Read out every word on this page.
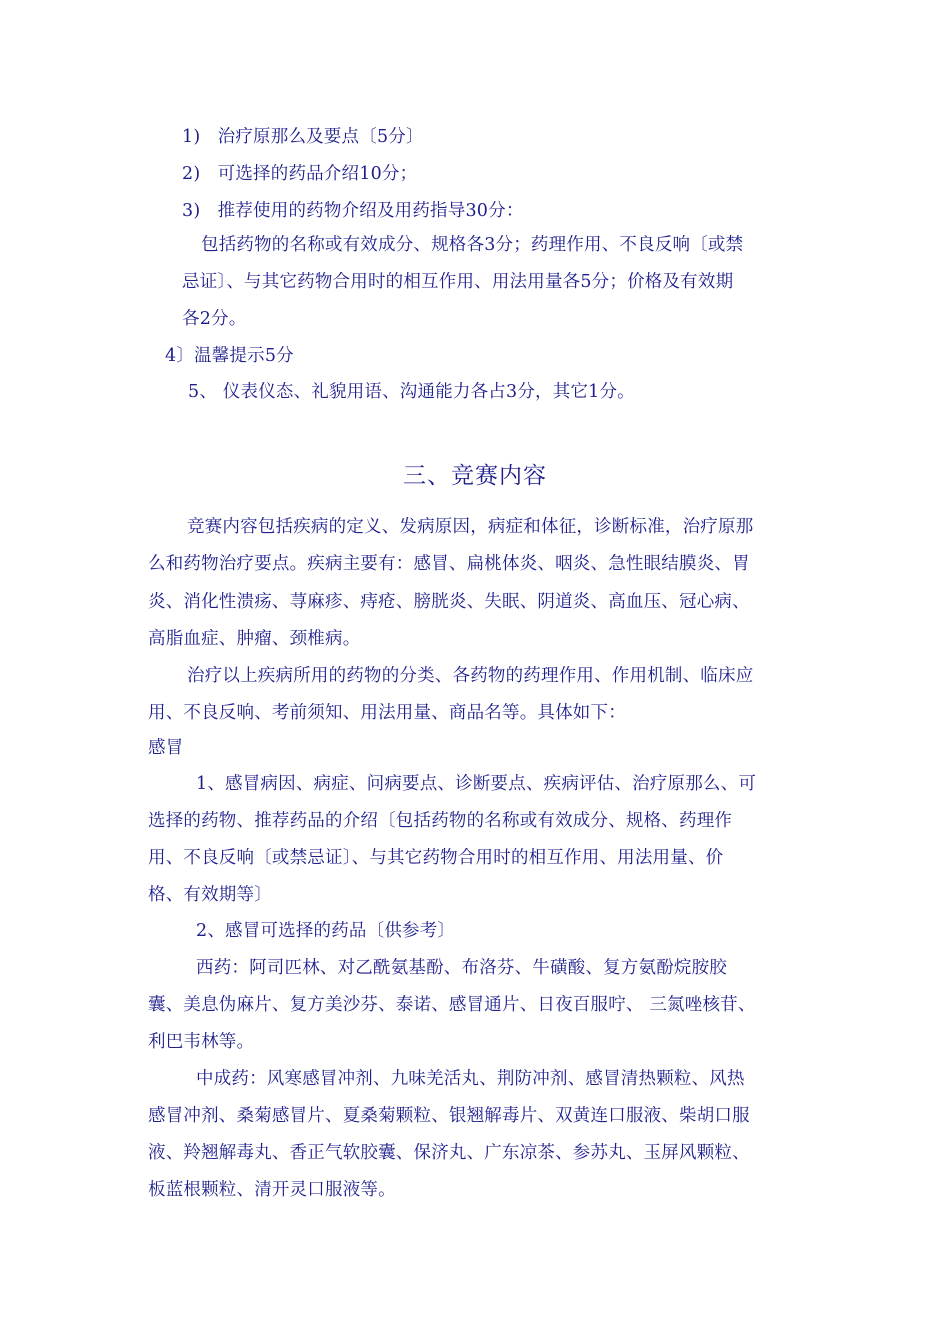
1)   治疗原那么及要点〔5分〕
2)   可选择的药品介绍10分；
3)   推荐使用的药物介绍及用药指导30分：
包括药物的名称或有效成分、规格各3分；药理作用、不良反响〔或禁
忌证〕、与其它药物合用时的相互作用、用法用量各5分；价格及有效期
各2分。
4〕温馨提示5分
5、 仪表仪态、礼貌用语、沟通能力各占3分，其它1分。
三、竞赛内容
竞赛内容包括疾病的定义、发病原因，病症和体征，诊断标准，治疗原那
么和药物治疗要点。疾病主要有：感冒、扁桃体炎、咽炎、急性眼结膜炎、胃
炎、消化性溃疡、荨麻疹、痔疮、膀胱炎、失眠、阴道炎、高血压、冠心病、
高脂血症、肿瘤、颈椎病。
治疗以上疾病所用的药物的分类、各药物的药理作用、作用机制、临床应
用、不良反响、考前须知、用法用量、商品名等。具体如下：
感冒
1、感冒病因、病症、问病要点、诊断要点、疾病评估、治疗原那么、可
选择的药物、推荐药品的介绍〔包括药物的名称或有效成分、规格、药理作
用、不良反响〔或禁忌证〕、与其它药物合用时的相互作用、用法用量、价
格、有效期等〕
2、感冒可选择的药品〔供参考〕
西药：阿司匹林、对乙酰氨基酚、布洛芬、牛磺酸、复方氨酚烷胺胶
囊、美息伪麻片、复方美沙芬、泰诺、感冒通片、日夜百服咛、 三氮唑核苷、
利巴韦林等。
中成药：风寒感冒冲剂、九味羌活丸、荆防冲剂、感冒清热颗粒、风热
感冒冲剂、桑菊感冒片、夏桑菊颗粒、银翘解毒片、双黄连口服液、柴胡口服
液、羚翘解毒丸、香正气软胶囊、保济丸、广东凉茶、参苏丸、玉屏风颗粒、
板蓝根颗粒、清开灵口服液等。
